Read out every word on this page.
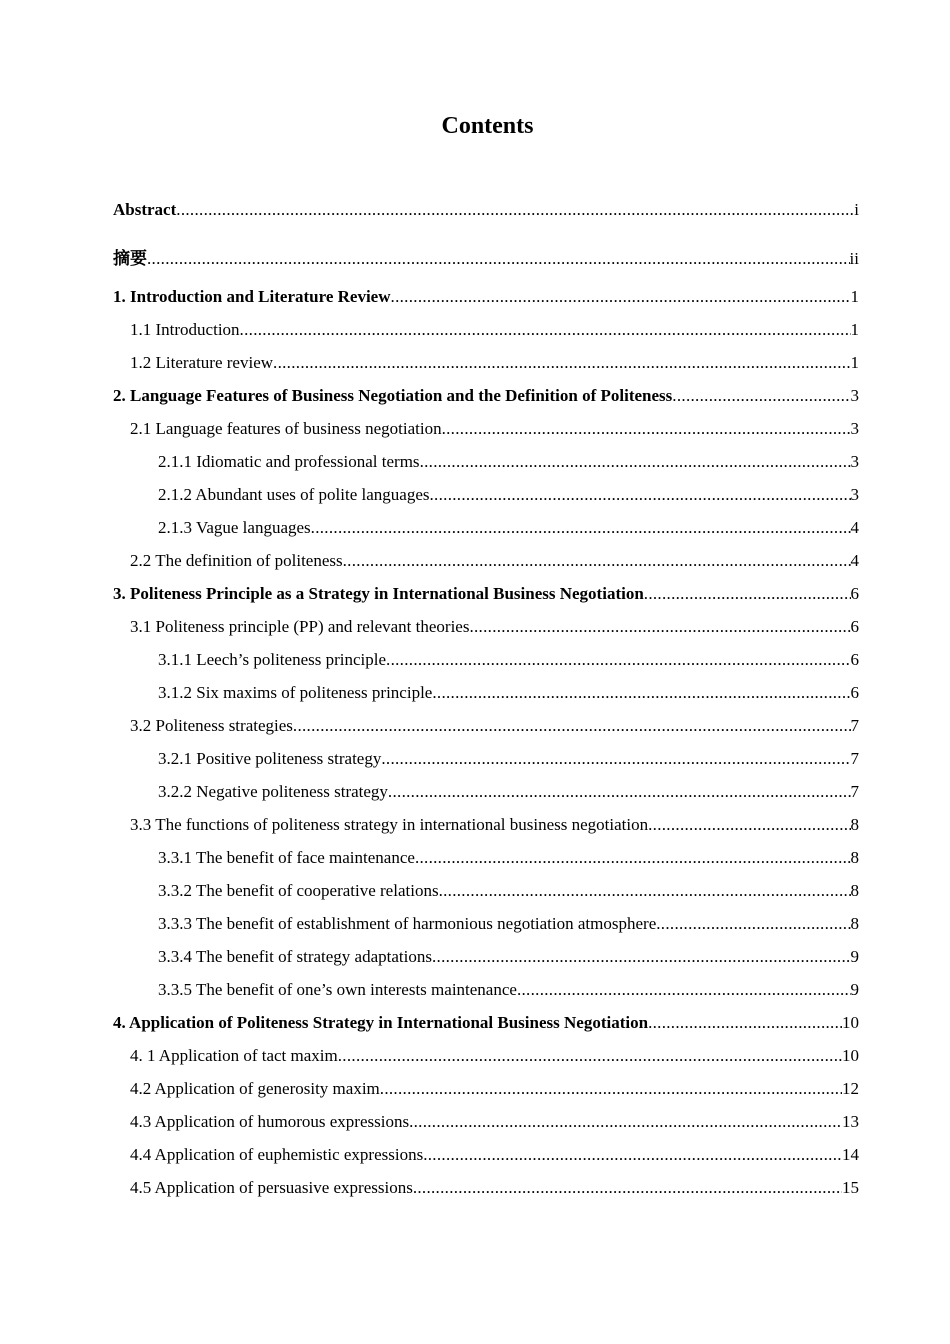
Contents
Abstract .....	i
摘要 .....	ii
1. Introduction and Literature Review .....	1
1.1 Introduction .....	1
1.2 Literature review .....	1
2. Language Features of Business Negotiation and the Definition of Politeness .....	3
2.1 Language features of business negotiation .....	3
2.1.1 Idiomatic and professional terms .....	3
2.1.2 Abundant uses of polite languages .....	3
2.1.3 Vague languages .....	4
2.2 The definition of politeness .....	4
3. Politeness Principle as a Strategy in International Business Negotiation .....	6
3.1 Politeness principle (PP) and relevant theories .....	6
3.1.1 Leech’s politeness principle .....	6
3.1.2 Six maxims of politeness principle .....	6
3.2 Politeness strategies .....	7
3.2.1 Positive politeness strategy .....	7
3.2.2 Negative politeness strategy .....	7
3.3 The functions of politeness strategy in international business negotiation .....	8
3.3.1 The benefit of face maintenance .....	8
3.3.2 The benefit of cooperative relations .....	8
3.3.3 The benefit of establishment of harmonious negotiation atmosphere .....	8
3.3.4 The benefit of strategy adaptations .....	9
3.3.5 The benefit of one’s own interests maintenance .....	9
4. Application of Politeness Strategy in International Business Negotiation .....	10
4. 1 Application of tact maxim .....	10
4.2 Application of generosity maxim .....	12
4.3 Application of humorous expressions .....	13
4.4 Application of euphemistic expressions .....	14
4.5 Application of persuasive expressions .....	15
